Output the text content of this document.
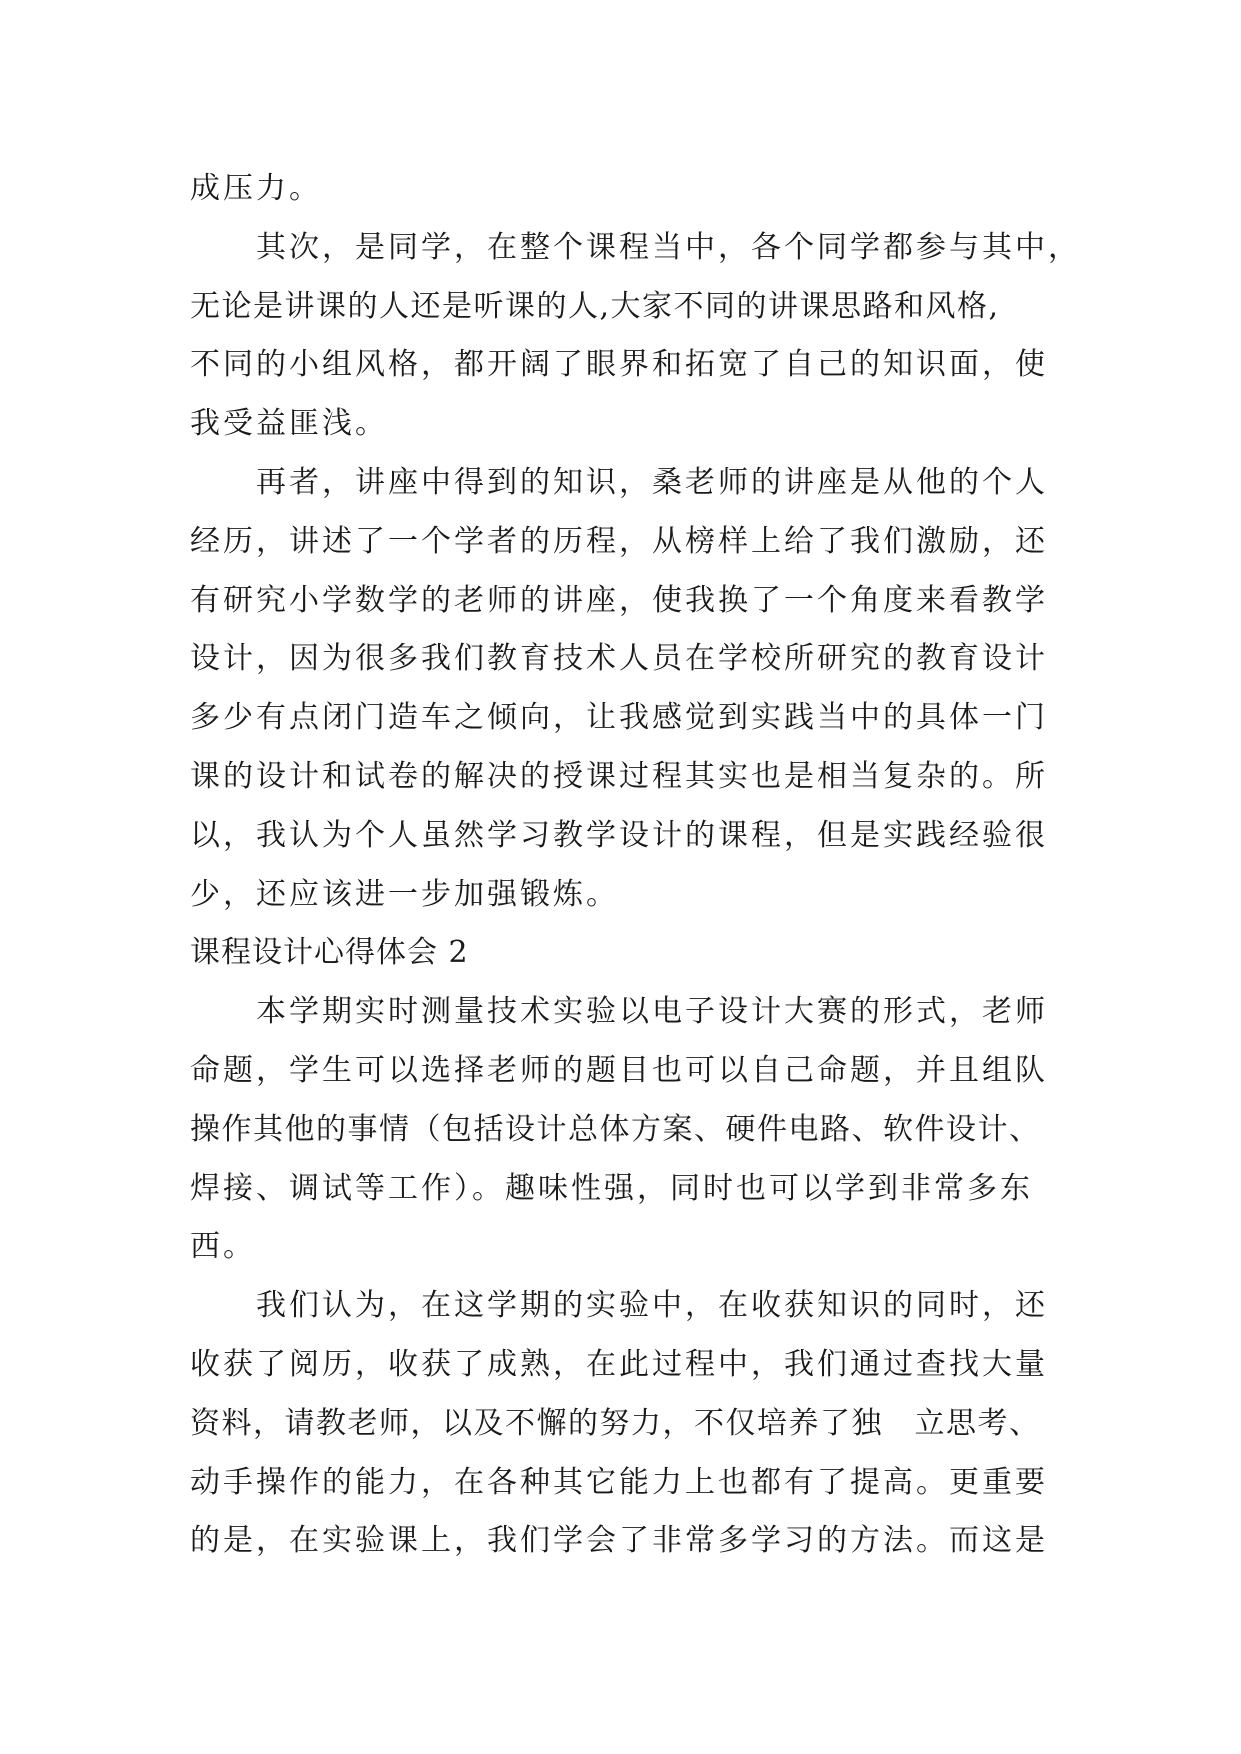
成压力。
其次，是同学，在整个课程当中，各个同学都参与其中，
无论是讲课的人还是听课的人,大家不同的讲课思路和风格,
不同的小组风格，都开阔了眼界和拓宽了自己的知识面，使
我受益匪浅。
再者，讲座中得到的知识，桑老师的讲座是从他的个人
经历，讲述了一个学者的历程，从榜样上给了我们激励，还
有研究小学数学的老师的讲座，使我换了一个角度来看教学
设计，因为很多我们教育技术人员在学校所研究的教育设计
多少有点闭门造车之倾向，让我感觉到实践当中的具体一门
课的设计和试卷的解决的授课过程其实也是相当复杂的。所
以，我认为个人虽然学习教学设计的课程，但是实践经验很
少，还应该进一步加强锻炼。
课程设计心得体会 2
本学期实时测量技术实验以电子设计大赛的形式，老师
命题，学生可以选择老师的题目也可以自己命题，并且组队
操作其他的事情（包括设计总体方案、硬件电路、软件设计、
焊接、调试等工作）。趣味性强，同时也可以学到非常多东
西。
我们认为，在这学期的实验中，在收获知识的同时，还
收获了阅历，收获了成熟，在此过程中，我们通过查找大量
资料，请教老师，以及不懈的努力，不仅培养了独　立思考、
动手操作的能力，在各种其它能力上也都有了提高。更重要
的是，在实验课上，我们学会了非常多学习的方法。而这是
